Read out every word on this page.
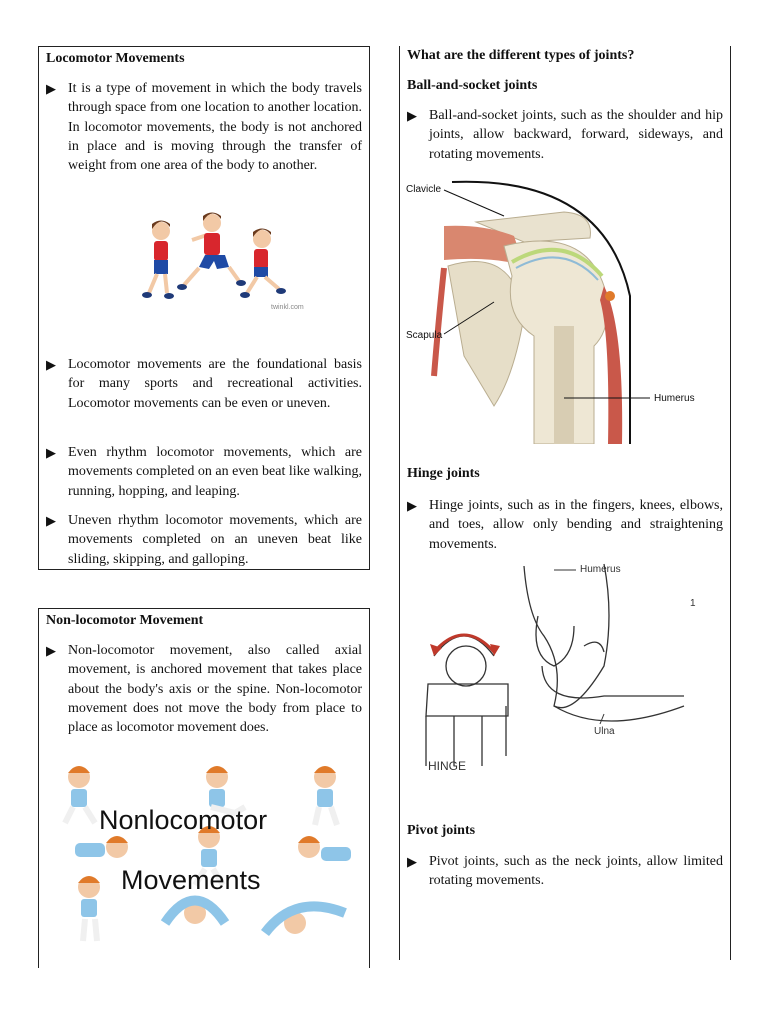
Locomotor Movements
▶ It is a type of movement in which the body travels through space from one location to another location. In locomotor movements, the body is not anchored in place and is moving through the transfer of weight from one area of the body to another.
twinkl.com
▶ Locomotor movements are the foundational basis for many sports and recreational activities. Locomotor movements can be even or uneven.
▶ Even rhythm locomotor movements, which are movements completed on an even beat like walking, running, hopping, and leaping.
▶ Uneven rhythm locomotor movements, which are movements completed on an uneven beat like sliding, skipping, and galloping.
Non-locomotor Movement
▶ Non-locomotor movement, also called axial movement, is anchored movement that takes place about the body's axis or the spine. Non-locomotor movement does not move the body from place to place as locomotor movement does.
Nonlocomotor
Movements
What are the different types of joints?
Ball-and-socket joints
▶ Ball-and-socket joints, such as the shoulder and hip joints, allow backward, forward, sideways, and rotating movements.
Clavicle
Scapula
Humerus
Hinge joints
▶ Hinge joints, such as in the fingers, knees, elbows, and toes, allow only bending and straightening movements.
Humerus
Ulna
HINGE
1
Pivot joints
▶ Pivot joints, such as the neck joints, allow limited rotating movements.
